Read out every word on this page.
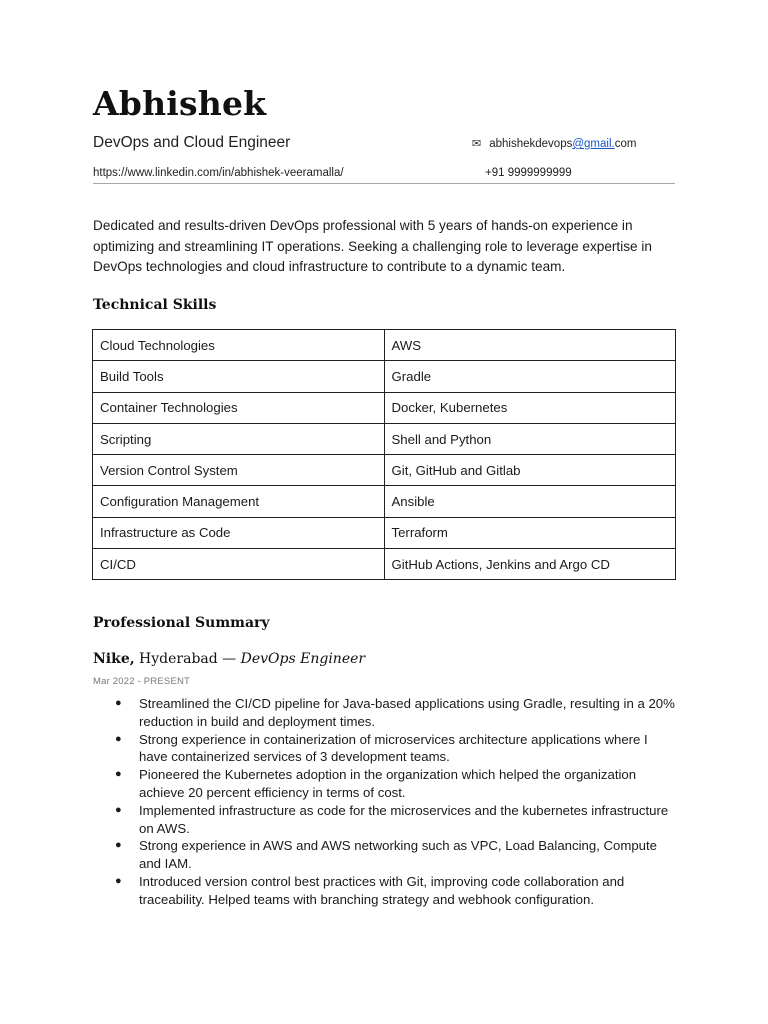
Abhishek
DevOps and Cloud Engineer	✉ abhishekdevops@gmail.com
https://www.linkedin.com/in/abhishek-veeramalla/	+91 9999999999

Dedicated and results-driven DevOps professional with 5 years of hands-on experience in optimizing and streamlining IT operations. Seeking a challenging role to leverage expertise in DevOps technologies and cloud infrastructure to contribute to a dynamic team.

Technical Skills
Cloud Technologies	AWS
Build Tools	Gradle
Container Technologies	Docker, Kubernetes
Scripting	Shell and Python
Version Control System	Git, GitHub and Gitlab
Configuration Management	Ansible
Infrastructure as Code	Terraform
CI/CD	GitHub Actions, Jenkins and Argo CD
Professional Summary
Nike, Hyderabad — DevOps Engineer
Mar 2022 - PRESENT
● Streamlined the CI/CD pipeline for Java-based applications using Gradle, resulting in a 20% reduction in build and deployment times.
● Strong experience in containerization of microservices architecture applications where I have containerized services of 3 development teams.
● Pioneered the Kubernetes adoption in the organization which helped the organization achieve 20 percent efficiency in terms of cost.
● Implemented infrastructure as code for the microservices and the kubernetes infrastructure on AWS.
● Strong experience in AWS and AWS networking such as VPC, Load Balancing, Compute and IAM.
● Introduced version control best practices with Git, improving code collaboration and traceability. Helped teams with branching strategy and webhook configuration.
